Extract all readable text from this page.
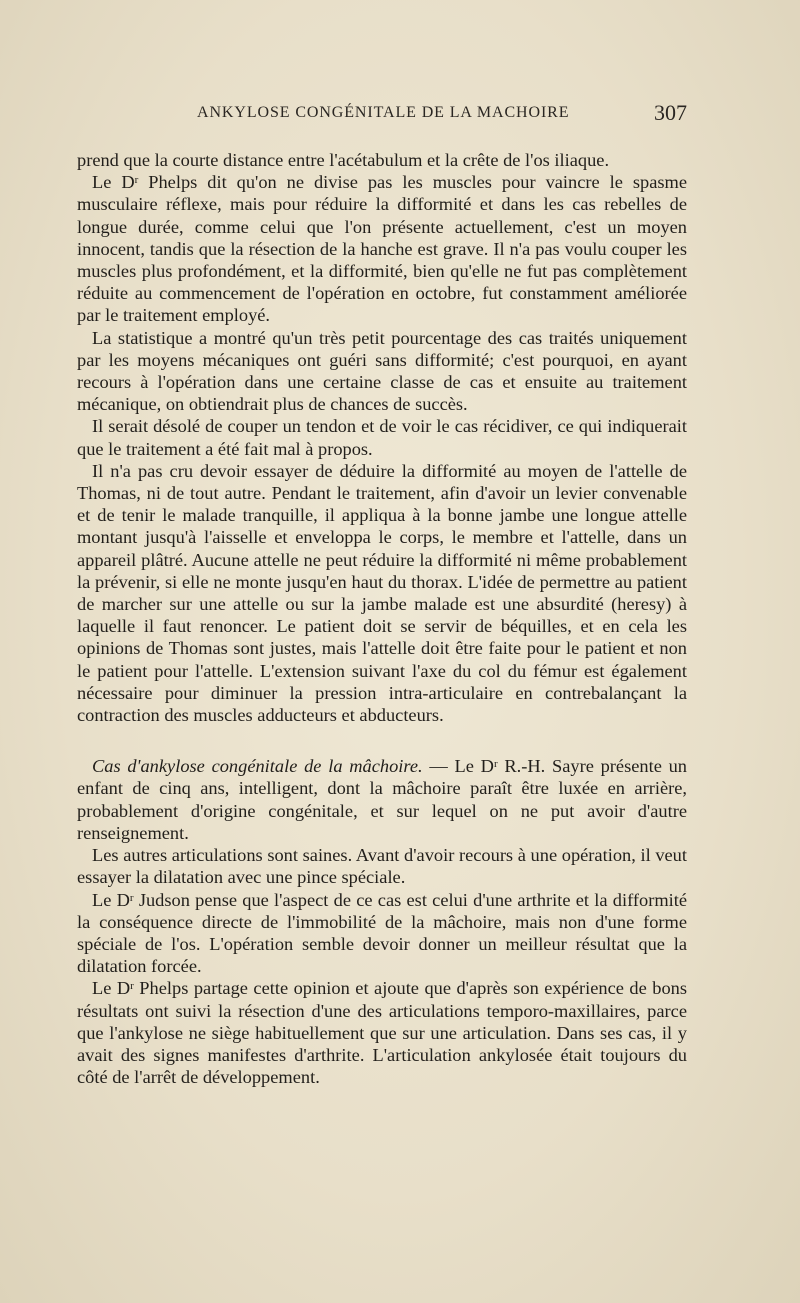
ANKYLOSE CONGÉNITALE DE LA MACHOIRE	307

prend que la courte distance entre l'acétabulum et la crête de l'os iliaque.

Le $D^r$ Phelps dit qu'on ne divise pas les muscles pour vaincre le spasme musculaire réflexe, mais pour réduire la difformité et dans les cas rebelles de longue durée, comme celui que l'on présente actuellement, c'est un moyen innocent, tandis que la résection de la hanche est grave. Il n'a pas voulu couper les muscles plus profondément, et la difformité, bien qu'elle ne fut pas complètement réduite au commencement de l'opération en octobre, fut constamment améliorée par le traitement employé.

La statistique a montré qu'un très petit pourcentage des cas traités uniquement par les moyens mécaniques ont guéri sans difformité; c'est pourquoi, en ayant recours à l'opération dans une certaine classe de cas et ensuite au traitement mécanique, on obtiendrait plus de chances de succès.

Il serait désolé de couper un tendon et de voir le cas récidiver, ce qui indiquerait que le traitement a été fait mal à propos.

Il n'a pas cru devoir essayer de déduire la difformité au moyen de l'attelle de Thomas, ni de tout autre. Pendant le traitement, afin d'avoir un levier convenable et de tenir le malade tranquille, il appliqua à la bonne jambe une longue attelle montant jusqu'à l'aisselle et enveloppa le corps, le membre et l'attelle, dans un appareil plâtré. Aucune attelle ne peut réduire la difformité ni même probablement la prévenir, si elle ne monte jusqu'en haut du thorax. L'idée de permettre au patient de marcher sur une attelle ou sur la jambe malade est une absurdité (heresy) à laquelle il faut renoncer. Le patient doit se servir de béquilles, et en cela les opinions de Thomas sont justes, mais l'attelle doit être faite pour le patient et non le patient pour l'attelle. L'extension suivant l'axe du col du fémur est également nécessaire pour diminuer la pression intra-articulaire en contrebalançant la contraction des muscles adducteurs et abducteurs.

Cas d'ankylose congénitale de la mâchoire. — Le $D^r$ R.-H. Sayre présente un enfant de cinq ans, intelligent, dont la mâchoire paraît être luxée en arrière, probablement d'origine congénitale, et sur lequel on ne put avoir d'autre renseignement.

Les autres articulations sont saines. Avant d'avoir recours à une opération, il veut essayer la dilatation avec une pince spéciale.

Le $D^r$ Judson pense que l'aspect de ce cas est celui d'une arthrite et la difformité la conséquence directe de l'immobilité de la mâchoire, mais non d'une forme spéciale de l'os. L'opération semble devoir donner un meilleur résultat que la dilatation forcée.

Le $D^r$ Phelps partage cette opinion et ajoute que d'après son expérience de bons résultats ont suivi la résection d'une des articulations temporo-maxillaires, parce que l'ankylose ne siège habituellement que sur une articulation. Dans ses cas, il y avait des signes manifestes d'arthrite. L'articulation ankylosée était toujours du côté de l'arrêt de développement.
